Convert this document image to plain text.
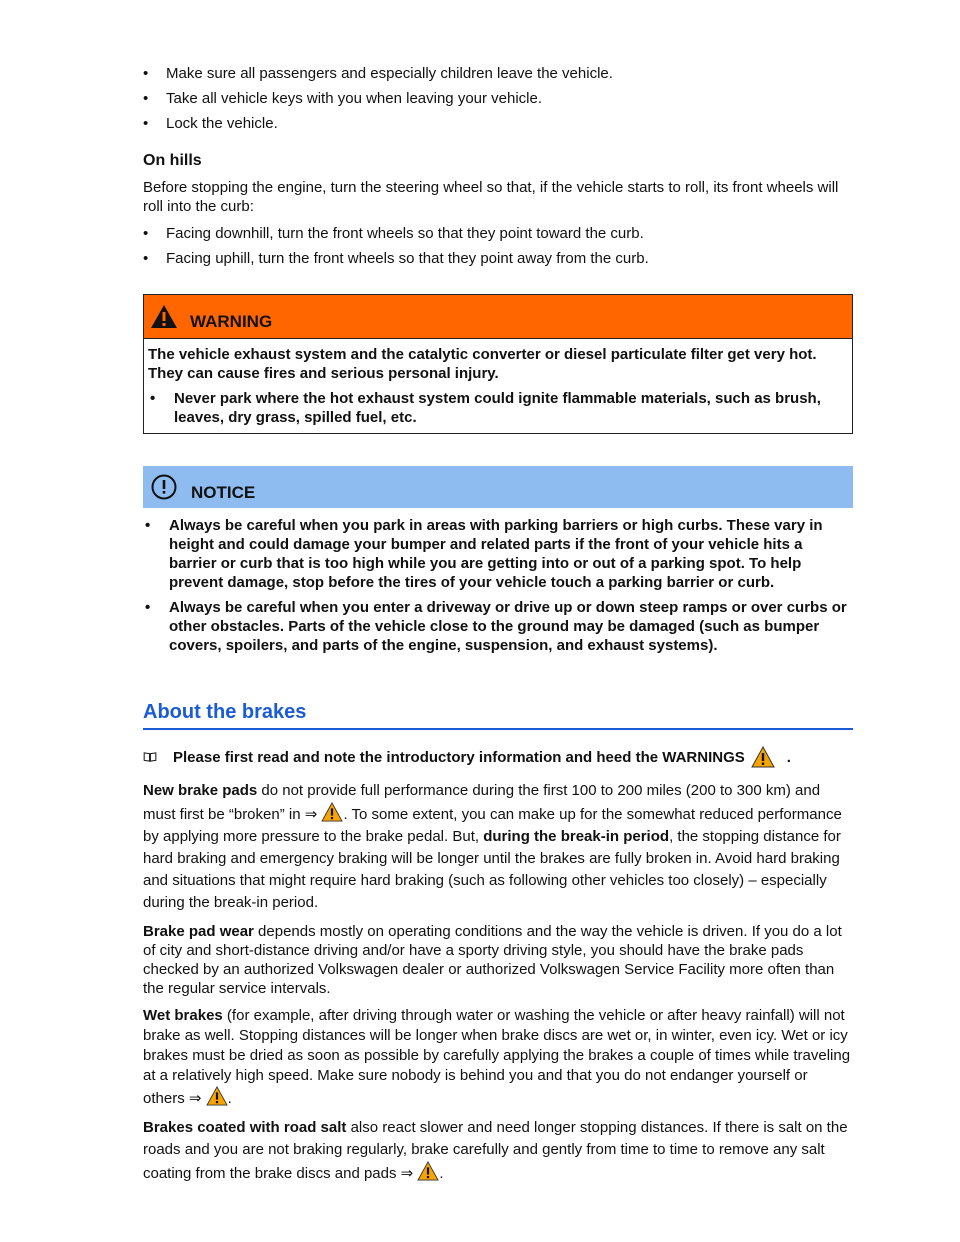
• Make sure all passengers and especially children leave the vehicle.
• Take all vehicle keys with you when leaving your vehicle.
• Lock the vehicle.
On hills

Before stopping the engine, turn the steering wheel so that, if the vehicle starts to roll, its front wheels will roll into the curb:

• Facing downhill, turn the front wheels so that they point toward the curb.
• Facing uphill, turn the front wheels so that they point away from the curb.
WARNING

The vehicle exhaust system and the catalytic converter or diesel particulate filter get very hot. They can cause fires and serious personal injury.

• Never park where the hot exhaust system could ignite flammable materials, such as brush, leaves, dry grass, spilled fuel, etc.

NOTICE

• Always be careful when you park in areas with parking barriers or high curbs. These vary in height and could damage your bumper and related parts if the front of your vehicle hits a barrier or curb that is too high while you are getting into or out of a parking spot. To help prevent damage, stop before the tires of your vehicle touch a parking barrier or curb.

• Always be careful when you enter a driveway or drive up or down steep ramps or over curbs or other obstacles. Parts of the vehicle close to the ground may be damaged (such as bumper covers, spoilers, and parts of the engine, suspension, and exhaust systems).

About the brakes
Please first read and note the introductory information and heed the WARNINGS	.

New brake pads do not provide full performance during the first 100 to 200 miles (200 to 300 km) and must first be “broken” in ⇒ . To some extent, you can make up for the somewhat reduced performance by applying more pressure to the brake pedal. But, during the break-in period, the stopping distance for hard braking and emergency braking will be longer until the brakes are fully broken in. Avoid hard braking and situations that might require hard braking (such as following other vehicles too closely) – especially during the break-in period.

Brake pad wear depends mostly on operating conditions and the way the vehicle is driven. If you do a lot of city and short-distance driving and/or have a sporty driving style, you should have the brake pads checked by an authorized Volkswagen dealer or authorized Volkswagen Service Facility more often than the regular service intervals.

Wet brakes (for example, after driving through water or washing the vehicle or after heavy rainfall) will not brake as well. Stopping distances will be longer when brake discs are wet or, in winter, even icy. Wet or icy brakes must be dried as soon as possible by carefully applying the brakes a couple of times while traveling at a relatively high speed. Make sure nobody is behind you and that you do not endanger yourself or others ⇒ .

Brakes coated with road salt also react slower and need longer stopping distances. If there is salt on the roads and you are not braking regularly, brake carefully and gently from time to time to remove any salt coating from the brake discs and pads ⇒ .
